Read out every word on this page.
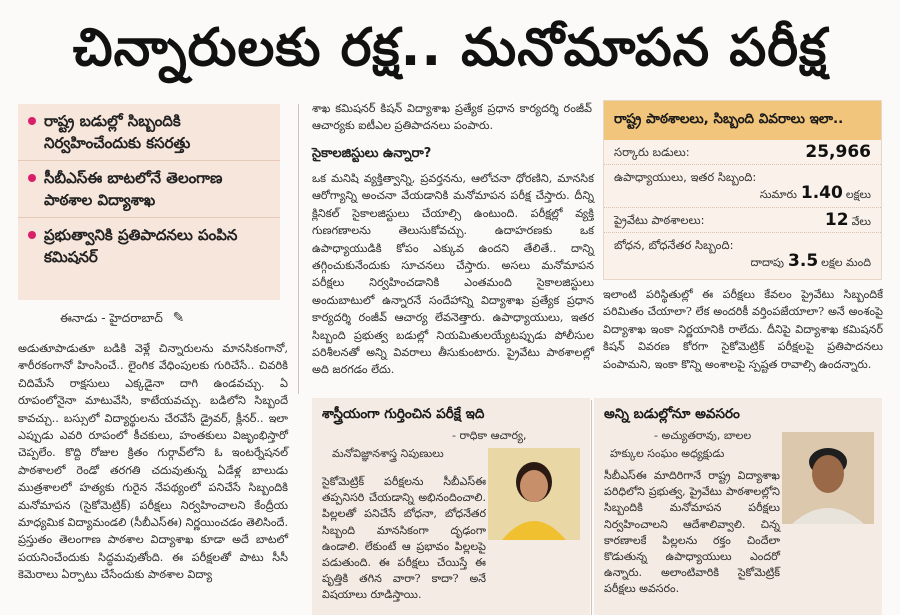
చిన్నారులకు రక్ష.. మనోమాపన పరీక్ష
రాష్ట్ర బడుల్లో సిబ్బందికి నిర్వహించేందుకు కసరత్తు
సీబీఎస్‌ఈ బాటలోనే తెలంగాణ పాఠశాల విద్యాశాఖ
ప్రభుత్వానికి ప్రతిపాదనలు పంపిన కమిషనర్
ఈనాడు - హైదరాబాద్ ✎
అడుతూపాడుతూ బడికి వెళ్లే చిన్నారులను మానసికంగానో, శారీరకంగానో హింసించే.. లైంగిక వేధింపులకు గురిచేసే.. చివరికి చిదిమేసే రాక్షసులు ఎక్కడైనా దాగి ఉండవచ్చు. ఏ రూపంలోనైనా మాటువేసి, కాటేయవచ్చు. బడిలోని సిబ్బందే కావచ్చు.. బస్సులో విద్యార్థులను చేరవేసే డ్రైవర్, క్లీనర్.. ఇలా ఎప్పుడు ఎవరి రూపంలో కీచకులు, హంతకులు విజృంభిస్తారో చెప్పలేం. కొద్ది రోజుల క్రితం గుర్గావ్‌లోని ఓ ఇంటర్నేషనల్ పాఠశాలలో రెండో తరగతి చదువుతున్న ఏడేళ్ల బాలుడు ముత్రశాలలో హత్యకు గురైన నేపథ్యంలో పనిచేసే సిబ్బందికి మనోమాపన (సైకోమెట్రిక్) పరీక్షలు నిర్వహించాలని కేంద్రీయ మాధ్యమిక విద్యామండలి (సీబీఎస్‌ఈ) నిర్ణయించడం తెలిసిందే. ప్రస్తుతం తెలంగాణ పాఠశాల విద్యాశాఖ కూడా అదే బాటలో పయనించేందుకు సిద్ధమవుతోంది. ఈ పరీక్షలతో పాటు సీసీ కెమెరాలు ఏర్పాటు చేసేందుకు పాఠశాల విద్యా
శాఖ కమిషనర్ కిషన్ విద్యాశాఖ ప్రత్యేక ప్రధాన కార్యదర్శి రంజీవ్ ఆచార్యకు ఐటీఎల ప్రతిపాదనలు పంపారు.
సైకాలజిస్టులు ఉన్నారా?
ఒక మనిషి వ్యక్తిత్వాన్ని, ప్రవర్తనను, ఆలోచనా ధోరణిని, మానసిక ఆరోగ్యాన్ని అంచనా వేయడానికి మనోమాపన పరీక్ష చేస్తారు. దీన్ని క్లినికల్ సైకాలజిస్టులు చేయాల్సి ఉంటుంది. పరీక్షల్లో వ్యక్తి గుణగణాలను తెలుసుకోవచ్చు. ఉదాహరణకు ఒక ఉపాధ్యాయుడికి కోపం ఎక్కువ ఉందని తేలితే.. దాన్ని తగ్గించుకునేందుకు సూచనలు చేస్తారు. అసలు మనోమాపన పరీక్షలు నిర్వహించడానికి ఎంతమంది సైకాలజిస్టులు అందుబాటులో ఉన్నారనే సందేహాన్ని విద్యాశాఖ ప్రత్యేక ప్రధాన కార్యదర్శి రంజీవ్ ఆచార్య లేవనెత్తారు. ఉపాధ్యాయులు, ఇతర సిబ్బంది ప్రభుత్వ బడుల్లో నియమితులయ్యేటప్పుడు పోలీసుల పరిశీలనతో అన్ని వివరాలు తీసుకుంటారు. ప్రైవేటు పాఠశాలల్లో అది జరగడం లేదు.
రాష్ట్ర పాఠశాలలు, సిబ్బంది వివరాలు ఇలా..
సర్కారు బడులు:	25,966
ఉపాధ్యాయులు, ఇతర సిబ్బంది:
సుమారు 1.40 లక్షలు
ప్రైవేటు పాఠశాలలు:	12 వేలు
బోధన, బోధనేతర సిబ్బంది:
దాదాపు 3.5 లక్షల మంది
ఇలాంటి పరిస్థితుల్లో ఈ పరీక్షలు కేవలం ప్రైవేటు సిబ్బందికే పరిమితం చేయాలా? లేక అందరికీ వర్తింపజేయాలా? అనే అంశంపై విద్యాశాఖ ఇంకా నిర్ణయానికి రాలేదు. దీనిపై విద్యాశాఖ కమిషనర్ కిషన్ వివరణ కోరగా సైకోమెట్రిక్ పరీక్షలపై ప్రతిపాదనలు పంపామని, ఇంకా కొన్ని అంశాలపై స్పష్టత రావాల్సి ఉందన్నారు.
శాస్త్రీయంగా గుర్తించిన పరీక్షే ఇది
- రాధికా ఆచార్య,
మనోవిజ్ఞానశాస్త్ర నిపుణులు
సైకోమెట్రిక్ పరీక్షలను సీబీఎస్‌ఈ తప్పనిసరి చేయడాన్ని అభినందించాలి. పిల్లలతో పనిచేసే బోధనా, బోధనేతర సిబ్బంది మానసికంగా దృఢంగా ఉండాలి. లేకుంటే ఆ ప్రభావం పిల్లలపై పడుతుంది. ఈ పరీక్షలు చేయిస్తే ఈ పృత్తికి తగిన వారా? కాదా? అనే విషయాలు రూడిస్తాయి.
అన్ని బడుల్లోనూ అవసరం
- అచ్యుతరావు, బాలల
హక్కుల సంఘం అధ్యక్షుడు
సీబీఎస్‌ఈ మాదిరిగానే రాష్ట్ర విద్యాశాఖ పరిధిలోని ప్రభుత్వ, ప్రైవేటు పాఠశాలల్లోని సిబ్బందికి మనోమాపన పరీక్షలు నిర్వహించాలని ఆదేశాలివ్వాలి. చిన్న కారణాలకే పిల్లలను రక్తం చిందేలా కొడుతున్న ఉపాధ్యాయులు ఎందరో ఉన్నారు. అలాంటివారికి సైకోమెట్రిక్ పరీక్షలు అవసరం.
